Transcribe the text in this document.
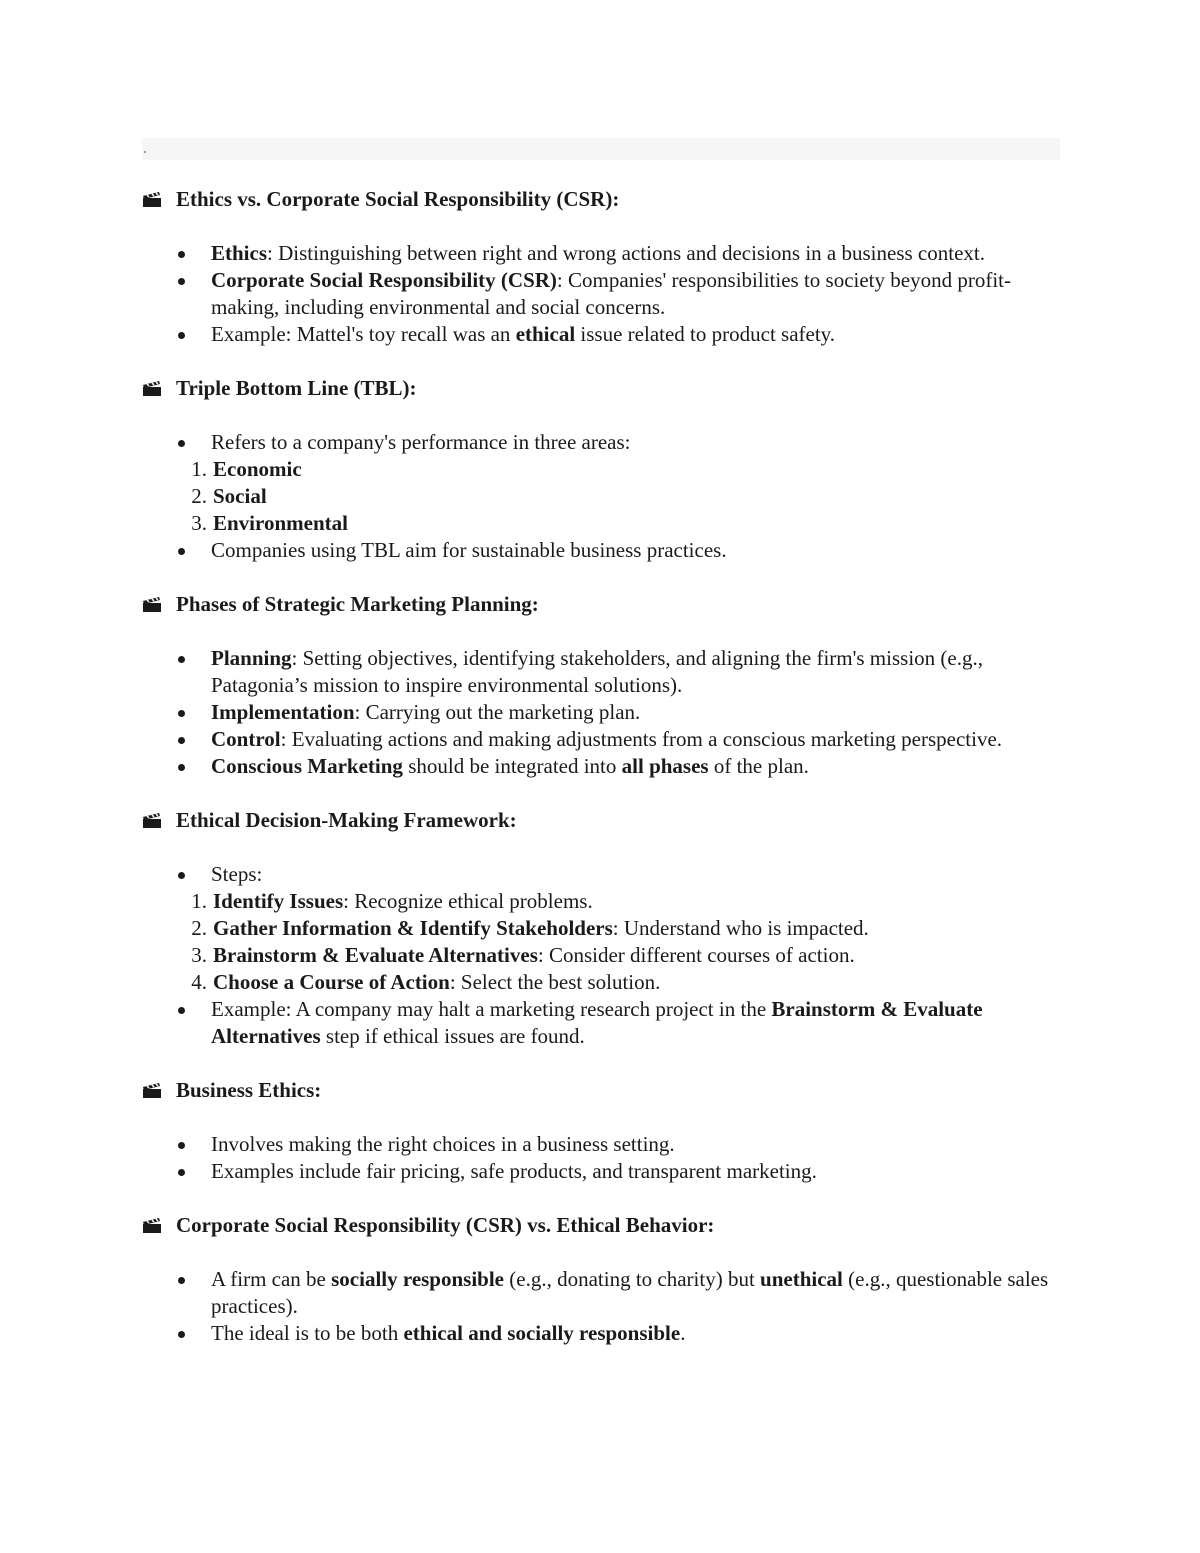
Ethics vs. Corporate Social Responsibility (CSR):
Ethics: Distinguishing between right and wrong actions and decisions in a business context.
Corporate Social Responsibility (CSR): Companies' responsibilities to society beyond profit-making, including environmental and social concerns.
Example: Mattel's toy recall was an ethical issue related to product safety.
Triple Bottom Line (TBL):
Refers to a company's performance in three areas:
1. Economic
2. Social
3. Environmental
Companies using TBL aim for sustainable business practices.
Phases of Strategic Marketing Planning:
Planning: Setting objectives, identifying stakeholders, and aligning the firm's mission (e.g., Patagonia’s mission to inspire environmental solutions).
Implementation: Carrying out the marketing plan.
Control: Evaluating actions and making adjustments from a conscious marketing perspective.
Conscious Marketing should be integrated into all phases of the plan.
Ethical Decision-Making Framework:
Steps:
1. Identify Issues: Recognize ethical problems.
2. Gather Information & Identify Stakeholders: Understand who is impacted.
3. Brainstorm & Evaluate Alternatives: Consider different courses of action.
4. Choose a Course of Action: Select the best solution.
Example: A company may halt a marketing research project in the Brainstorm & Evaluate Alternatives step if ethical issues are found.
Business Ethics:
Involves making the right choices in a business setting.
Examples include fair pricing, safe products, and transparent marketing.
Corporate Social Responsibility (CSR) vs. Ethical Behavior:
A firm can be socially responsible (e.g., donating to charity) but unethical (e.g., questionable sales practices).
The ideal is to be both ethical and socially responsible.
